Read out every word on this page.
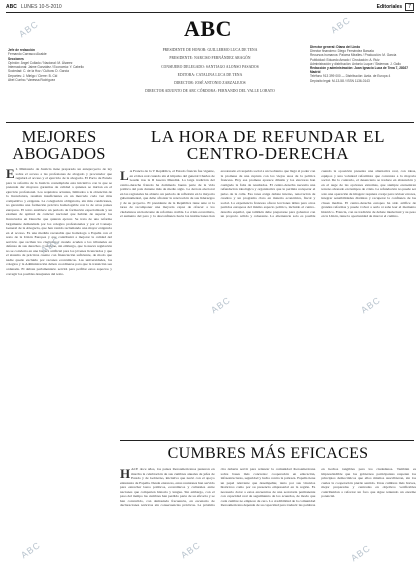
ABC LUNES 10-5-2010	Editoriales 7
ABC
Jefe de redacción
Fernando Carrasco Alcalde
Secciones
Opinión: Ángel Collado / Nacional: M. Álvarez
Internacional: Jaime González / Economía: Y. Cabello
Sociedad: C. de la Hoz / Cultura: D. García
Deportes: J. Mielgo / Cierre: B. Cid
Abel Cunha / Vanessa Rodríguez
PRESIDENTE DE HONOR: GUILLERMO LUCA DE TENA
PRESIDENTE: NARCISO FERNÁNDEZ ARAGÓN
CONSEJERO DELEGADO: SANTIAGO ALONSO PASADOS
EDITORA: CATALINA LUCA DE TENA
DIRECTOR: JOSÉ ANTONIO ZARZALEJOS
DIRECTOR ADJUNTO DE ABC CÓRDOBA: FERNANDO DEL VALLE LOBATO
Director general: Diana del Lindo
Director financiero: Diego Fernández Barcala
Recursos humanos: Paloma Miralles / Producción: M. García
Publicidad: Eduardo Amado / Circulación: A. Ruiz
Administración y distribución: Antonio Luque / Sistemas: J. Gallo
Redacción y administración: Juan Ignacio Luca de Tena 7, 28027 Madrid
Teléfono 913 399 000 — Distribución: Avda. de Europa 4
Depósito legal: M-13-58 / ISSN 1136-0143
MEJORES ABOGADOS
LA HORA DE REFUNDAR EL CENTRO-DERECHA
E L Ministerio de Justicia tiene preparado un anteproyecto de ley sobre el acceso a las profesiones de abogado y procurador que regulará el acceso y el ejercicio de la abogacía. El Pacto de Estado para la reforma de la Justicia contemplaba esta iniciativa con la que se pretende dar mayores garantías de calidad a quienes se inician en el ejercicio profesional. Los requisitos actuales, limitados a la obtención de la licenciatura, resultan insuficientes en un mercado cada vez más competitivo y exigente. La colegiación obligatoria, sin más condiciones, no garantiza una formación práctica homologable con la de otros países europeos. El texto establece un periodo de formación especializada y un examen de aptitud de carácter nacional que habrán de superar los licenciados en Derecho que quieran ejercer. Se trata de una reforma largamente demandada por los colegios profesionales y por el Consejo General de la Abogacía, que han venido reclamando una mayor exigencia en el acceso. Es una medida razonable que homologa a España con el resto de la Unión Europea y que contribuirá a mejorar la calidad del servicio que reciben los ciudadanos cuando acuden a los tribunales en defensa de sus derechos. Conviene, sin embargo, que la nueva regulación no se convierta en una barrera artificial para los jóvenes licenciados y que el sistema de prácticas cuente con financiación suficiente, de modo que nadie quede excluido por razones económicas. Las universidades, los colegios y la Administración deben coordinarse para que la transición sea ordenada. El debate parlamentario servirá para perfilar estos aspectos y corregir los posibles desajustes del texto.
L A Francia de la V República, el Estado francés fue vigente, en el mes real cuando sin el impulso del general Charles de Gaulle tras la II Guerra Mundial. La larga tradición del centro-derecha francés ha dominado buena parte de la vida política del país durante más de medio siglo. La derrota electoral en las regionales ha abierto un periodo de reflexión en la mayoría gubernamental, que debe afrontar la renovación de sus liderazgos y de su proyecto. El presidente de la República tiene ante sí la tarea de recomponer una mayoría capaz de ofrecer a los ciudadanos un horizonte de reformas creíble. La crisis económica, el aumento del paro y la desconfianza hacia las instituciones han erosionado el respaldo social a un Gobierno que llegó al poder con la promesa de una ruptura con los viejos usos de la política francesa. Hoy esa promesa aparece diluida y los electores han castigado la falta de resultados. El centro-derecha necesita una refundación ideológica y organizativa que le permita recuperar el pulso de la calle. Esa tarea exige debate interno, renovación de cuadros y un programa claro en materia económica, fiscal y social. La experiencia francesa ofrece lecciones útiles para otros partidos europeos del mismo espacio político, incluido el centro-derecha español, que también debe prepararse para gobernar con un proyecto sólido y coherente. La alternancia solo es posible cuando la oposición presenta una alternativa real, con ideas, equipos y una voluntad reformista que convenza a la mayoría social. De lo contrario, el desencanto se traduce en abstención y en el auge de las opciones extremas, que siempre encuentran terreno abonado en tiempos de crisis. La refundación no puede ser solo una operación de imagen: requiere coraje para revisar errores, integrar sensibilidades distintas y recuperar la confianza de las clases medias. El centro-derecha europeo ha sido artífice de grandes reformas y puede volver a serlo si sabe leer el momento histórico. Francia, con su tradición de debate intelectual y su peso en la Unión, tiene la oportunidad de marcar el camino.
CUMBRES MÁS EFICACES
HACE doce años, los países iberoamericanos pusieron en marcha la celebración de sus cumbres anuales de jefes de Estado y de Gobierno, iniciativa que nació con el apoyo entusiasta de España. Desde entonces, estas reuniones han servido para estrechar lazos políticos, económicos y culturales entre naciones que comparten historia y lengua. Sin embargo, con el paso del tiempo las cumbres han perdido parte de su eficacia y se han convertido, con demasiada frecuencia, en escenario de declaraciones retóricas sin consecuencias prácticas. La próxima cita debería servir para relanzar la comunidad iberoamericana sobre bases más concretas: cooperación en educación, infraestructuras, seguridad y lucha contra la pobreza. España tiene un papel relevante que desempeñar, tanto por sus vínculos históricos como por su presencia empresarial en la región. Es necesario dotar a estos encuentros de una secretaría permanente con capacidad real de seguimiento de los acuerdos, de modo que cada cumbre no empiece de cero. La credibilidad de la comunidad iberoamericana depende de su capacidad para traducir las palabras en hechos tangibles para los ciudadanos. También es imprescindible que los gobiernos participantes respeten los principios democráticos que ellos mismos suscribieron, sin los cuales la cooperación pierde sentido. Unas cumbres más breves, mejor preparadas y centradas en objetivos verificables contribuirían a reforzar un foro que sigue teniendo un enorme potencial.
ABC	ABC
ABC
ABC	ABC
ABC	ABC	ABC
